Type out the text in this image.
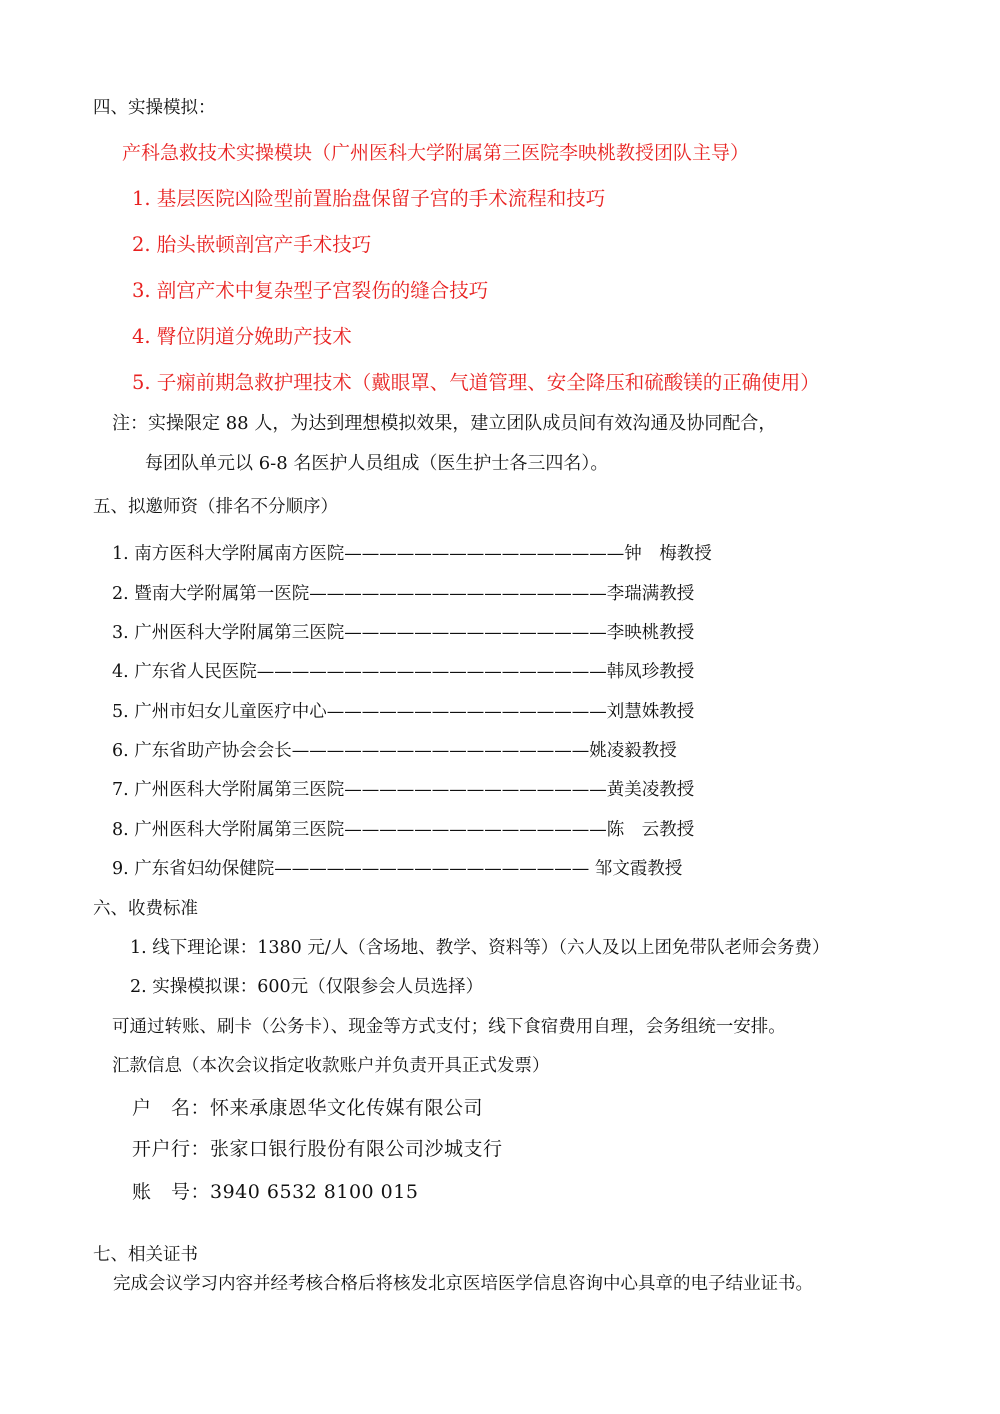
四、实操模拟：
产科急救技术实操模块（广州医科大学附属第三医院李映桃教授团队主导）
1. 基层医院凶险型前置胎盘保留子宫的手术流程和技巧
2. 胎头嵌顿剖宫产手术技巧
3. 剖宫产术中复杂型子宫裂伤的缝合技巧
4. 臀位阴道分娩助产技术
5. 子痫前期急救护理技术（戴眼罩、气道管理、安全降压和硫酸镁的正确使用）
注：实操限定 88 人，为达到理想模拟效果，建立团队成员间有效沟通及协同配合，
每团队单元以 6-8 名医护人员组成（医生护士各三四名）。
五、拟邀师资（排名不分顺序）
1. 南方医科大学附属南方医院————————————————钟　梅教授
2. 暨南大学附属第一医院—————————————————李瑞满教授
3. 广州医科大学附属第三医院———————————————李映桃教授
4. 广东省人民医院————————————————————韩凤珍教授
5. 广州市妇女儿童医疗中心————————————————刘慧姝教授
6. 广东省助产协会会长—————————————————姚凌毅教授
7. 广州医科大学附属第三医院———————————————黄美凌教授
8. 广州医科大学附属第三医院———————————————陈　云教授
9. 广东省妇幼保健院—————————————————— 邹文霞教授
六、收费标准
1. 线下理论课：1380 元/人（含场地、教学、资料等）（六人及以上团免带队老师会务费）
2. 实操模拟课：600元（仅限参会人员选择）
可通过转账、刷卡（公务卡）、现金等方式支付；线下食宿费用自理，会务组统一安排。
汇款信息（本次会议指定收款账户并负责开具正式发票）
户　名：怀来承康恩华文化传媒有限公司
开户行：张家口银行股份有限公司沙城支行
账　号：3940 6532 8100 015
七、相关证书
完成会议学习内容并经考核合格后将核发北京医培医学信息咨询中心具章的电子结业证书。
